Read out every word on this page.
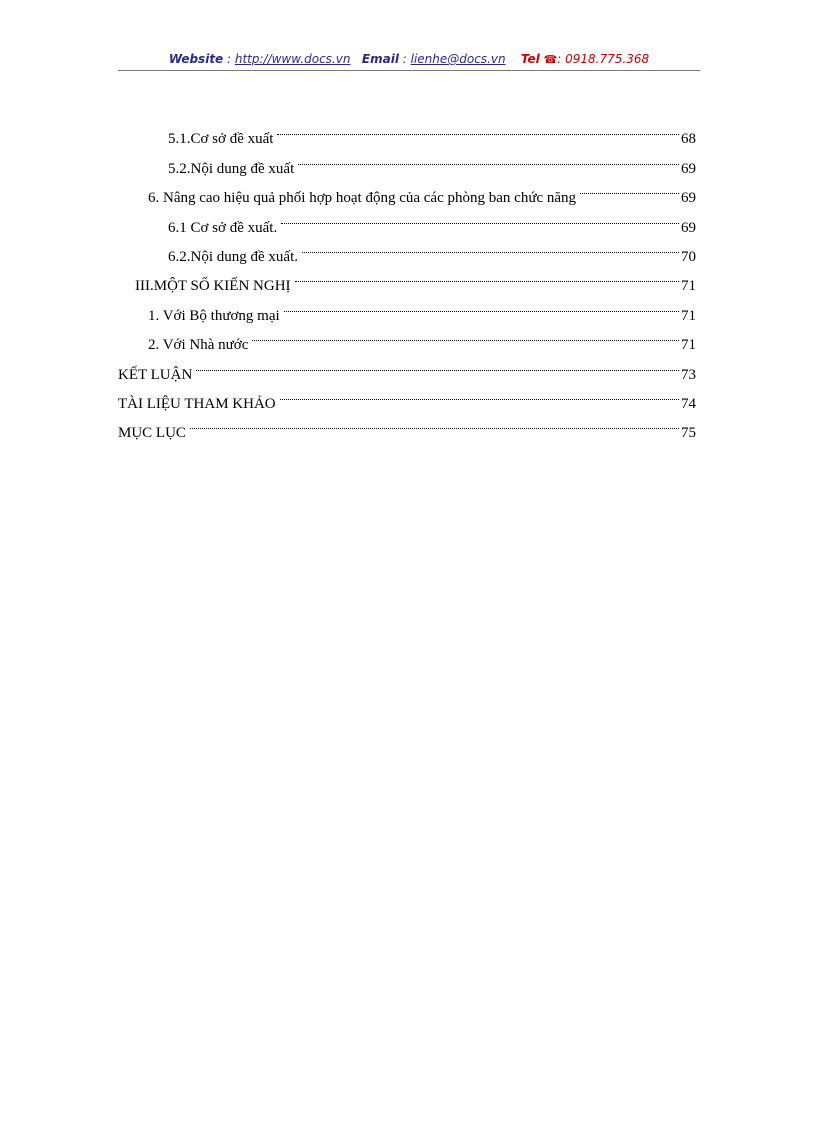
Website : http://www.docs.vn Email : lienhe@docs.vn Tel ☎: 0918.775.368
5.1.Cơ sở đề xuất	68
5.2.Nội dung đề xuất	69
6. Nâng cao hiệu quả phối hợp hoạt động của các phòng ban chức năng	69
6.1 Cơ sở đề xuất.	69
6.2.Nội dung đề xuất.	70
III.MỘT SỐ KIẾN NGHỊ	71
1. Với Bộ thương mại	71
2. Với Nhà nước	71
KẾT LUẬN	73
TÀI LIỆU THAM KHẢO	74
MỤC LỤC	75
